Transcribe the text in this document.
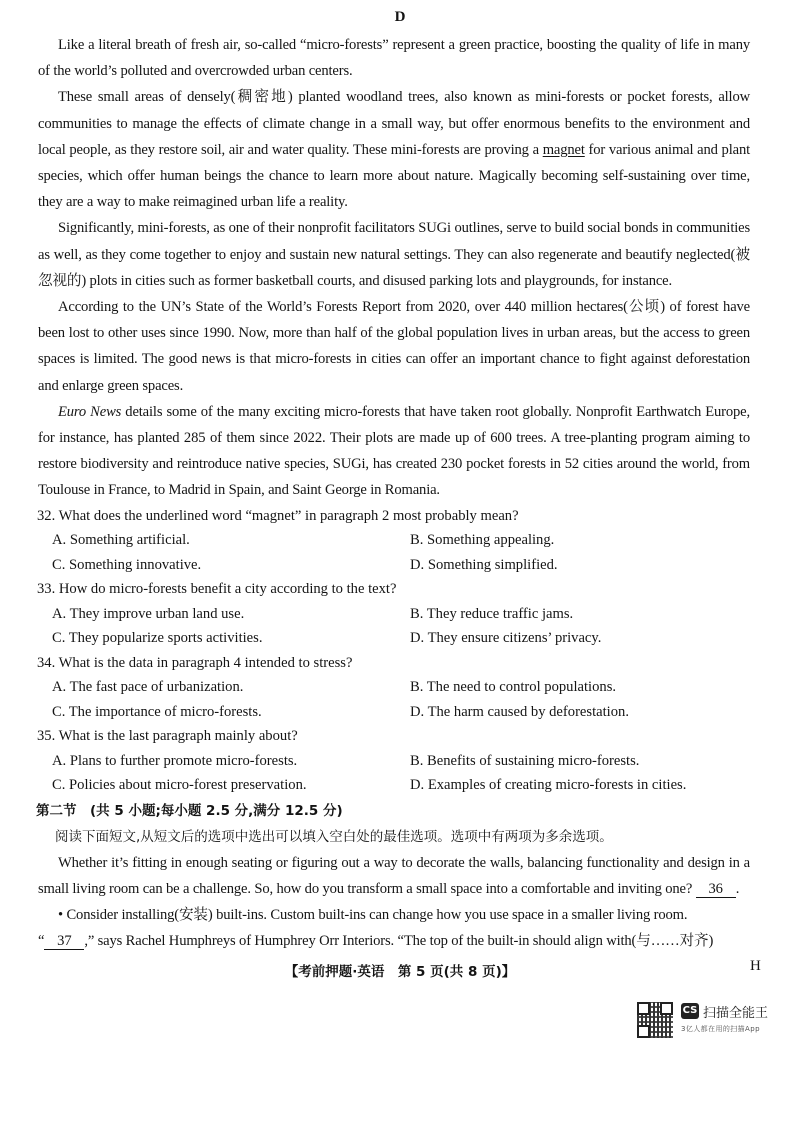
D
Like a literal breath of fresh air, so-called “micro-forests” represent a green practice, boosting the quality of life in many of the world’s polluted and overcrowded urban centers.
These small areas of densely(稠密地) planted woodland trees, also known as mini-forests or pocket forests, allow communities to manage the effects of climate change in a small way, but offer enormous benefits to the environment and local people, as they restore soil, air and water quality. These mini-forests are proving a magnet for various animal and plant species, which offer human beings the chance to learn more about nature. Magically becoming self-sustaining over time, they are a way to make reimagined urban life a reality.
Significantly, mini-forests, as one of their nonprofit facilitators SUGi outlines, serve to build social bonds in communities as well, as they come together to enjoy and sustain new natural settings. They can also regenerate and beautify neglected(被忽视的) plots in cities such as former basketball courts, and disused parking lots and playgrounds, for instance.
According to the UN’s State of the World’s Forests Report from 2020, over 440 million hectares(公顷) of forest have been lost to other uses since 1990. Now, more than half of the global population lives in urban areas, but the access to green spaces is limited. The good news is that micro-forests in cities can offer an important chance to fight against deforestation and enlarge green spaces.
Euro News details some of the many exciting micro-forests that have taken root globally. Nonprofit Earthwatch Europe, for instance, has planted 285 of them since 2022. Their plots are made up of 600 trees. A tree-planting program aiming to restore biodiversity and reintroduce native species, SUGi, has created 230 pocket forests in 52 cities around the world, from Toulouse in France, to Madrid in Spain, and Saint George in Romania.
32. What does the underlined word “magnet” in paragraph 2 most probably mean?
A. Something artificial.	B. Something appealing.
C. Something innovative.	D. Something simplified.
33. How do micro-forests benefit a city according to the text?
A. They improve urban land use.	B. They reduce traffic jams.
C. They popularize sports activities.	D. They ensure citizens’ privacy.
34. What is the data in paragraph 4 intended to stress?
A. The fast pace of urbanization.	B. The need to control populations.
C. The importance of micro-forests.	D. The harm caused by deforestation.
35. What is the last paragraph mainly about?
A. Plans to further promote micro-forests.	B. Benefits of sustaining micro-forests.
C. Policies about micro-forest preservation.	D. Examples of creating micro-forests in cities.
第二节　(共 5 小题;每小题 2.5 分,满分 12.5 分)
阅读下面短文,从短文后的选项中选出可以填入空白处的最佳选项。选项中有两项为多余选项。
Whether it’s fitting in enough seating or figuring out a way to decorate the walls, balancing functionality and design in a small living room can be a challenge. So, how do you transform a small space into a comfortable and inviting one? 36 .
• Consider installing(安装) built-ins. Custom built-ins can change how you use space in a smaller living room.
“ 37 ,” says Rachel Humphreys of Humphrey Orr Interiors. “The top of the built-in should align with(与……对齐)
【考前押题·英语　第 5 页(共 8 页)】	H
CS 扫描全能王
3亿人都在用的扫描App
